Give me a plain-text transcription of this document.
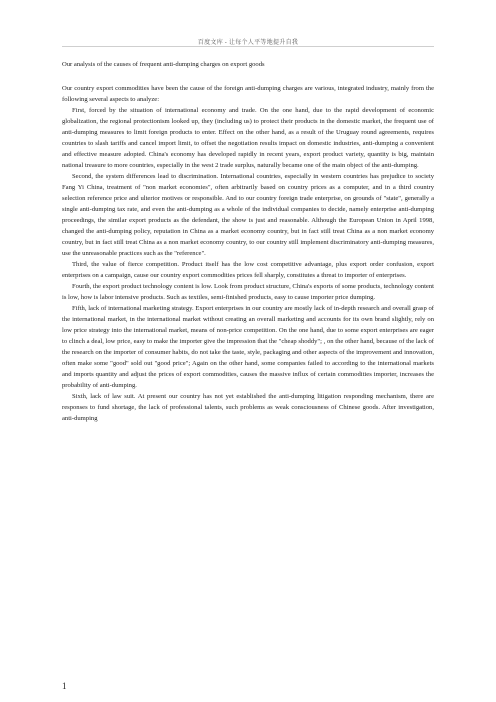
百度文库 - 让每个人平等地提升自我

Our analysis of the causes of frequent anti-dumping charges on export goods

Our country export commodities have been the cause of the foreign anti-dumping charges are various, integrated industry, mainly from the following several aspects to analyze:

First, forced by the situation of international economy and trade. On the one hand, due to the rapid development of economic globalization, the regional protectionism looked up, they (including us) to protect their products in the domestic market, the frequent use of anti-dumping measures to limit foreign products to enter. Effect on the other hand, as a result of the Uruguay round agreements, requires countries to slash tariffs and cancel import limit, to offset the negotiation results impact on domestic industries, anti-dumping a convenient and effective measure adopted. China's economy has developed rapidly in recent years, export product variety, quantity is big, maintain national treasure to more countries, especially in the west 2 trade surplus, naturally became one of the main object of the anti-dumping.

Second, the system differences lead to discrimination. International countries, especially in western countries has prejudice to society Fang Yi China, treatment of "non market economies", often arbitrarily based on country prices as a computer, and in a third country selection reference price and ulterior motives or responsible. And to our country foreign trade enterprise, on grounds of "state", generally a single anti-dumping tax rate, and even the anti-dumping as a whole of the individual companies to decide, namely enterprise anti-dumping proceedings, the similar export products as the defendant, the show is just and reasonable. Although the European Union in April 1998, changed the anti-dumping policy, reputation in China as a market economy country, but in fact still treat China as a non market economy country, but in fact still treat China as a non market economy country, to our country still implement discriminatory anti-dumping measures, use the unreasonable practices such as the "reference".

Third, the value of fierce competition. Product itself has the low cost competitive advantage, plus export order confusion, export enterprises on a campaign, cause our country export commodities prices fell sharply, constitutes a threat to importer of enterprises.

Fourth, the export product technology content is low. Look from product structure, China's exports of some products, technology content is low, how is labor intensive products. Such as textiles, semi-finished products, easy to cause importer price dumping.

Fifth, lack of international marketing strategy. Export enterprises in our country are mostly lack of in-depth research and overall grasp of the international market, in the international market without creating an overall marketing and accounts for its own brand slightly, rely on low price strategy into the international market, means of non-price competition. On the one hand, due to some export enterprises are eager to clinch a deal, low price, easy to make the importer give the impression that the "cheap shoddy"; , on the other hand, because of the lack of the research on the importer of consumer habits, do not take the taste, style, packaging and other aspects of the improvement and innovation, often make some "good" sold out "good price"; Again on the other hand, some companies failed to according to the international markets and imports quantity and adjust the prices of export commodities, causes the massive influx of certain commodities importer, increases the probability of anti-dumping.

Sixth, lack of law suit. At present our country has not yet established the anti-dumping litigation responding mechanism, there are responses to fund shortage, the lack of professional talents, such problems as weak consciousness of Chinese goods. After investigation, anti-dumping

1
